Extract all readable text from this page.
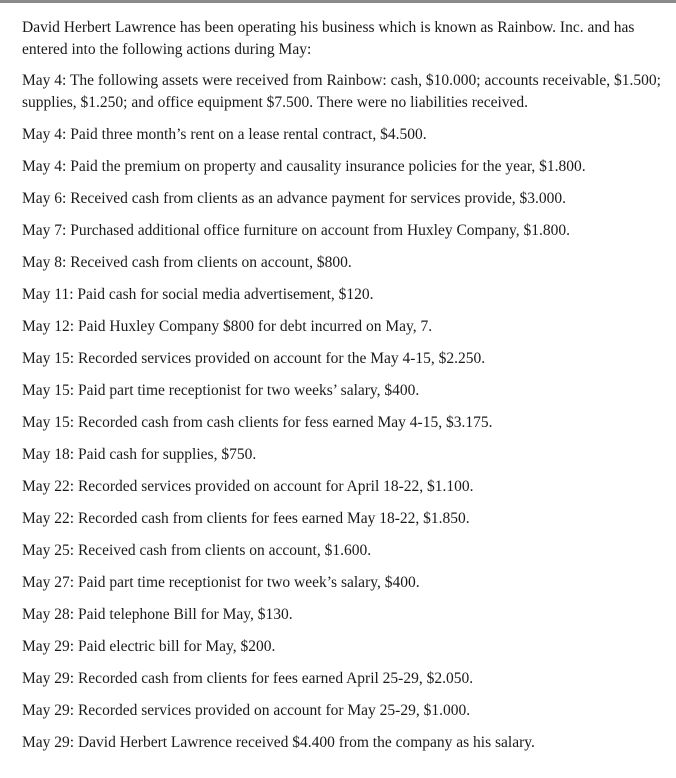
David Herbert Lawrence has been operating his business which is known as Rainbow. Inc. and has entered into the following actions during May:

May 4: The following assets were received from Rainbow: cash, $10.000; accounts receivable, $1.500; supplies, $1.250; and office equipment $7.500. There were no liabilities received.
May 4: Paid three month’s rent on a lease rental contract, $4.500.
May 4: Paid the premium on property and causality insurance policies for the year, $1.800.
May 6: Received cash from clients as an advance payment for services provide, $3.000.
May 7: Purchased additional office furniture on account from Huxley Company, $1.800.
May 8: Received cash from clients on account, $800.
May 11: Paid cash for social media advertisement, $120.
May 12: Paid Huxley Company $800 for debt incurred on May, 7.
May 15: Recorded services provided on account for the May 4-15, $2.250.
May 15: Paid part time receptionist for two weeks’ salary, $400.
May 15: Recorded cash from cash clients for fess earned May 4-15, $3.175.
May 18: Paid cash for supplies, $750.
May 22: Recorded services provided on account for April 18-22, $1.100.
May 22: Recorded cash from clients for fees earned May 18-22, $1.850.
May 25: Received cash from clients on account, $1.600.
May 27: Paid part time receptionist for two week’s salary, $400.
May 28: Paid telephone Bill for May, $130.
May 29: Paid electric bill for May, $200.
May 29: Recorded cash from clients for fees earned April 25-29, $2.050.
May 29: Recorded services provided on account for May 25-29, $1.000.
May 29: David Herbert Lawrence received $4.400 from the company as his salary.
